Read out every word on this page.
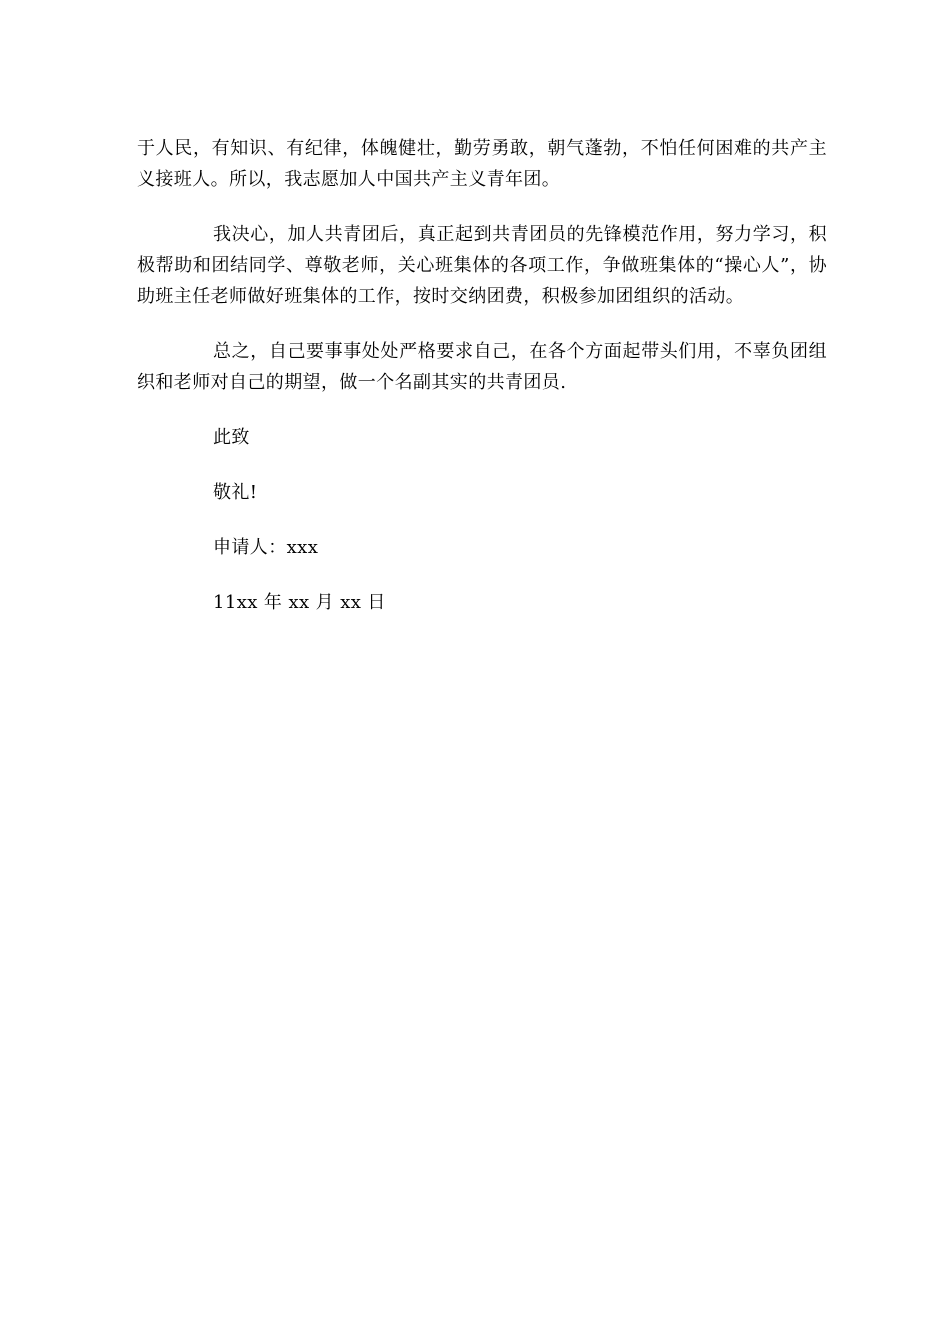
于人民，有知识、有纪律，体魄健壮，勤劳勇敢，朝气蓬勃，不怕任何困难的共产主义接班人。所以，我志愿加人中国共产主义青年团。

我决心，加人共青团后，真正起到共青团员的先锋模范作用，努力学习，积极帮助和团结同学、尊敬老师，关心班集体的各项工作，争做班集体的“操心人”，协助班主任老师做好班集体的工作，按时交纳团费，积极参加团组织的活动。

总之，自己要事事处处严格要求自己，在各个方面起带头们用，不辜负团组织和老师对自己的期望，做一个名副其实的共青团员.

此致

敬礼!

申请人：xxx

11xx 年 xx 月 xx 日
